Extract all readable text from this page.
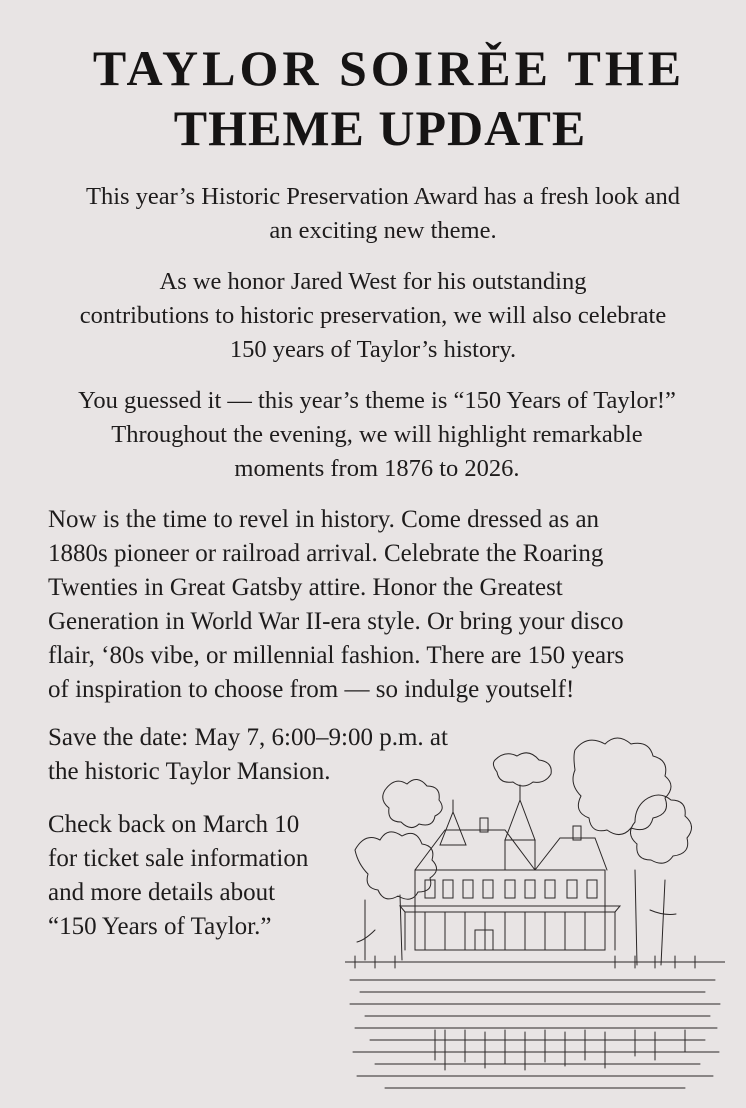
TAYLOR SOIRĚE THE
THEME UPDATE
This year’s Historic Preservation Award has a fresh look and
an exciting new theme.
As we honor Jared West for his outstanding
contributions to historic preservation, we will also celebrate
150 years of Taylor’s history.
You guessed it — this year’s theme is “150 Years of Taylor!”
Throughout the evening, we will highlight remarkable
moments from 1876 to 2026.
Now is the time to revel in history. Come dressed as an
1880s pioneer or railroad arrival. Celebrate the Roaring
Twenties in Great Gatsby attire. Honor the Greatest
Generation in World War II-era style. Or bring your disco
flair, ‘80s vibe, or millennial fashion. There are 150 years
of inspiration to choose from — so indulge youtself!
Save the date: May 7, 6:00–9:00 p.m. at
the historic Taylor Mansion.
Check back on March 10
for ticket sale information
and more details about
“150 Years of Taylor.”
